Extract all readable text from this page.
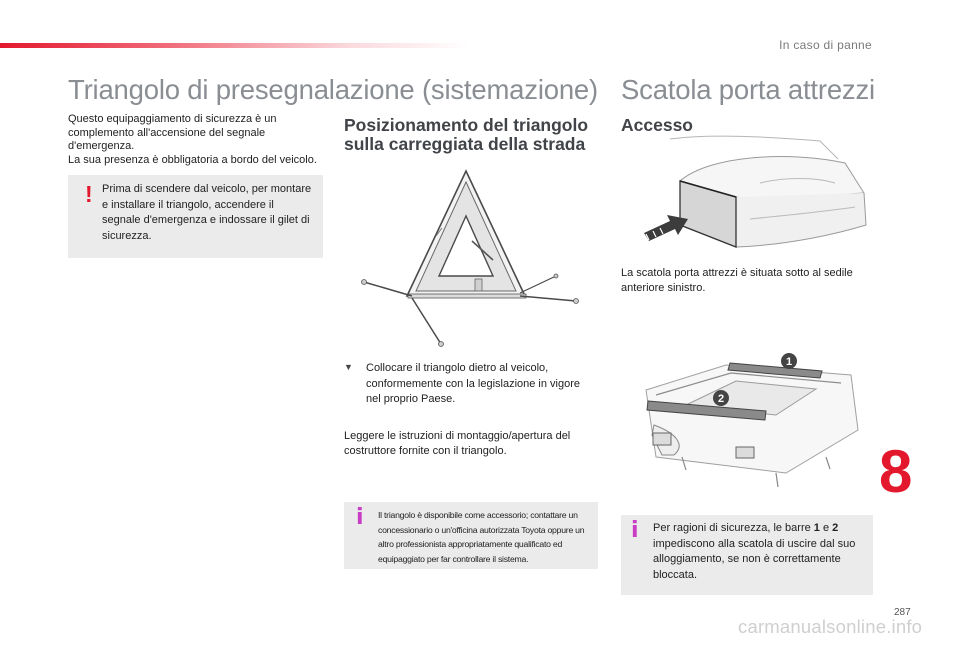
In caso di panne
Triangolo di presegnalazione (sistemazione) Scatola porta attrezzi

Questo equipaggiamento di sicurezza è un
complemento all'accensione del segnale
d'emergenza.
La sua presenza è obbligatoria a bordo del veicolo.

! Prima di scendere dal veicolo, per montare e installare il triangolo, accendere il segnale d'emergenza e indossare il gilet di sicurezza.

Posizionamento del triangolo sulla carreggiata della strada
▼ Collocare il triangolo dietro al veicolo, conformemente con la legislazione in vigore nel proprio Paese.

Leggere le istruzioni di montaggio/apertura del costruttore fornite con il triangolo.

i Il triangolo è disponibile come accessorio; contattare un concessionario o un'officina autorizzata Toyota oppure un altro professionista appropriatamente qualificato ed equipaggiato per far controllare il sistema.

Accesso

La scatola porta attrezzi è situata sotto al sedile anteriore sinistro.

1
2
i Per ragioni di sicurezza, le barre 1 e 2 impediscono alla scatola di uscire dal suo alloggiamento, se non è correttamente bloccata.

8
287
carmanualsonline.info
